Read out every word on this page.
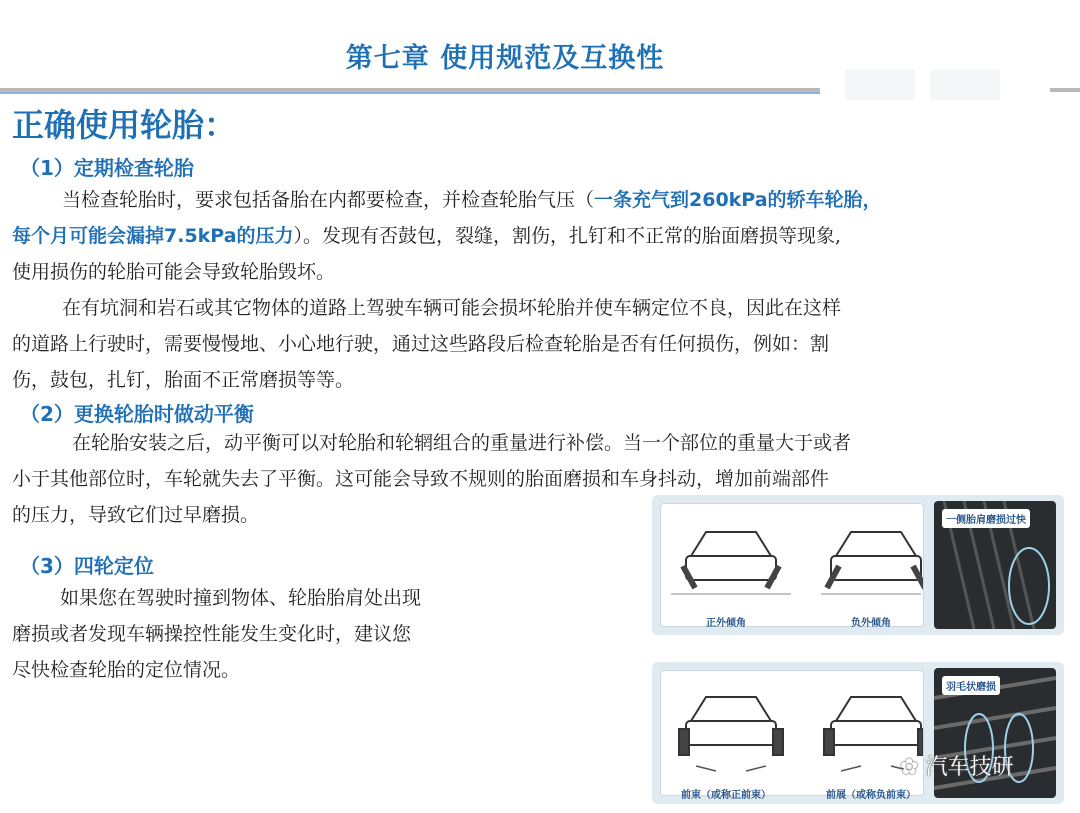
第七章 使用规范及互换性
正确使用轮胎：
（1）定期检查轮胎

当检查轮胎时，要求包括备胎在内都要检查，并检查轮胎气压（一条充气到260kPa的轿车轮胎，

每个月可能会漏掉7.5kPa的压力）。发现有否鼓包，裂缝，割伤，扎钉和不正常的胎面磨损等现象,

使用损伤的轮胎可能会导致轮胎毁坏。

在有坑洞和岩石或其它物体的道路上驾驶车辆可能会损坏轮胎并使车辆定位不良，因此在这样

的道路上行驶时，需要慢慢地、小心地行驶，通过这些路段后检查轮胎是否有任何损伤，例如：割

伤，鼓包，扎钉，胎面不正常磨损等等。

（2）更换轮胎时做动平衡

在轮胎安装之后，动平衡可以对轮胎和轮辋组合的重量进行补偿。当一个部位的重量大于或者

小于其他部位时，车轮就失去了平衡。这可能会导致不规则的胎面磨损和车身抖动，增加前端部件

的压力，导致它们过早磨损。

（3）四轮定位

如果您在驾驶时撞到物体、轮胎胎肩处出现

磨损或者发现车辆操控性能发生变化时，建议您

尽快检查轮胎的定位情况。

正外倾角	负外倾角
一侧胎肩磨损过快
前束（或称正前束）	前展（或称负前束）
羽毛状磨损
✿ 汽车技研
